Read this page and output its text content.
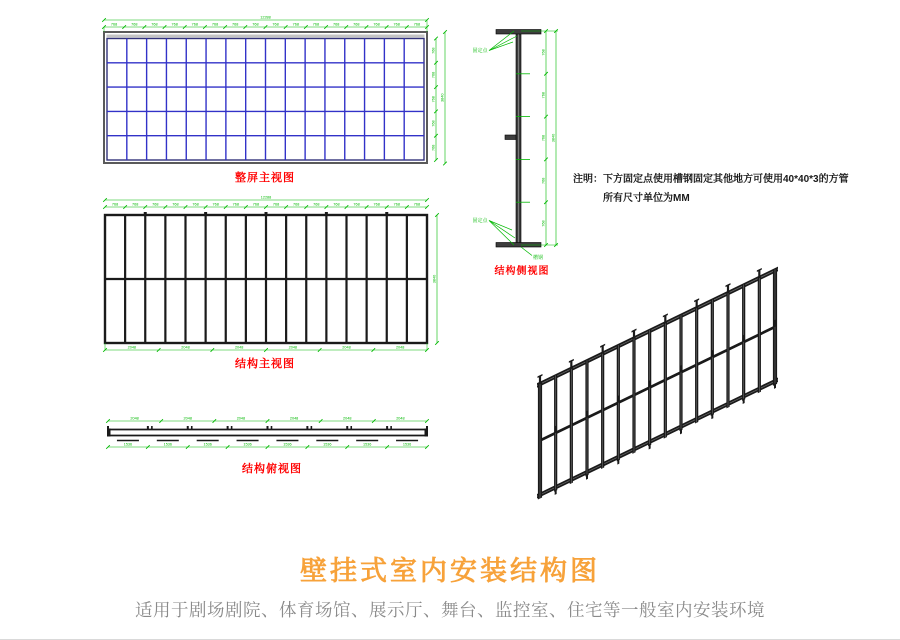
12288
768	768	768	768	768	768	768	768	768	768	768	768	768	768	768	768
768
768
768
768
768
3840
整屏主视图
12288
768	768	768	768	768	768	768	768	768	768	768	768	768	768	768	768
2048	2048	2048	2048	2048	2048
3840
结构主视图
2048	2048	2048	2048	2048	2048
1536	1536	1536	1536	1536	1536	1536	1536
结构俯视图
768
768
768
768
768
3840
固定点
固定点
槽钢
结构侧视图
注明：下方固定点使用槽钢固定其他地方可使用40*40*3的方管
所有尺寸单位为MM
壁挂式室内安装结构图
适用于剧场剧院、体育场馆、展示厅、舞台、监控室、住宅等一般室内安装环境
